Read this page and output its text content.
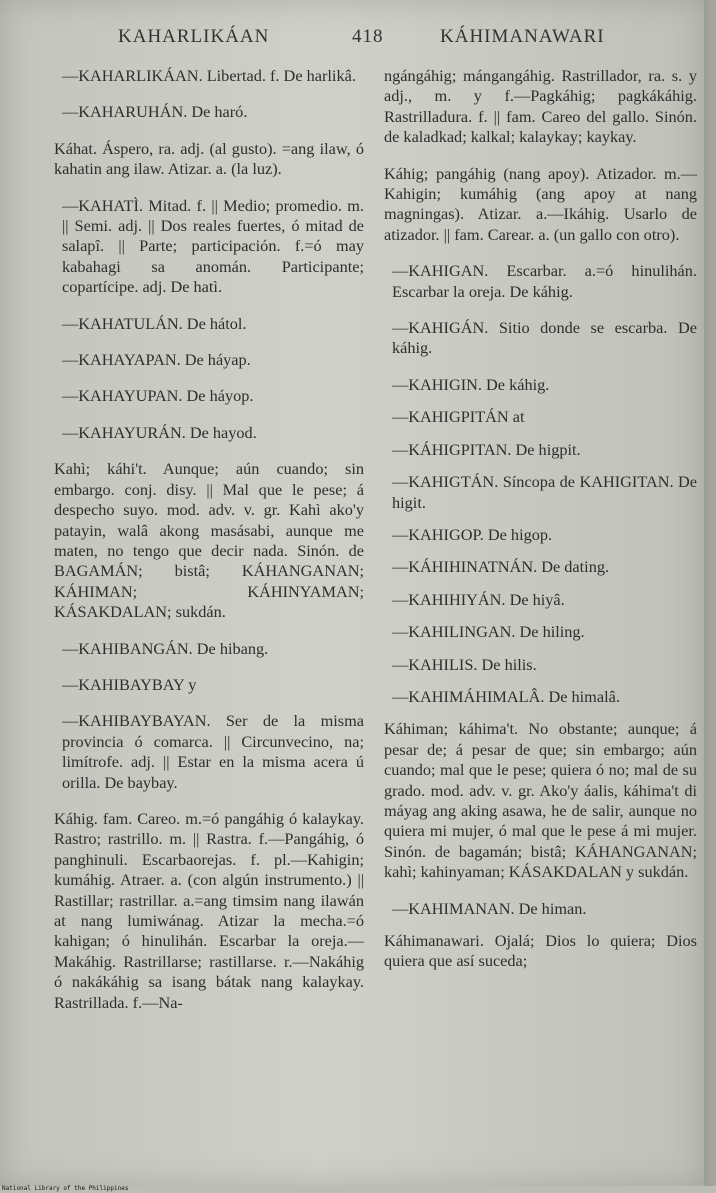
KAHARLIKÁAN	418	KÁHIMANAWARI

—KAHARLIKÁAN. Libertad. f. De harlikâ.

—KAHARUHÁN. De haró.

Káhat. Áspero, ra. adj. (al gusto). =ang ilaw, ó kahatin ang ilaw. Atizar. a. (la luz).

—KAHATÌ. Mitad. f. || Medio; promedio. m. || Semi. adj. || Dos reales fuertes, ó mitad de salapî. || Parte; participación. f.=ó may kabahagi sa anomán. Participante; copartícipe. adj. De hatì.

—KAHATULÁN. De hátol.

—KAHAYAPAN. De háyap.

—KAHAYUPAN. De háyop.

—KAHAYURÁN. De hayod.

Kahì; káhi't. Aunque; aún cuando; sin embargo. conj. disy. || Mal que le pese; á despecho suyo. mod. adv. v. gr. Kahì ako'y patayin, walâ akong masásabi, aunque me maten, no tengo que decir nada. Sinón. de BAGAMÁN; bistâ; KÁHANGANAN; KÁHIMAN; KÁHINYAMAN; KÁSAKDALAN; sukdán.

—KAHIBANGÁN. De hibang.

—KAHIBAYBAY y

—KAHIBAYBAYAN. Ser de la misma provincia ó comarca. || Circunvecino, na; limítrofe. adj. || Estar en la misma acera ú orilla. De baybay.

Káhig. fam. Careo. m.=ó pangáhig ó kalaykay. Rastro; rastrillo. m. || Rastra. f.—Pangáhig, ó panghinuli. Escarbaorejas. f. pl.—Kahigin; kumáhig. Atraer. a. (con algún instrumento.) || Rastillar; rastrillar. a.=ang timsim nang ilawán at nang lumiwánag. Atizar la mecha.=ó kahigan; ó hinulihán. Escarbar la oreja.—Makáhig. Rastrillarse; rastillarse. r.—Nakáhig ó nakákáhig sa isang bátak nang kalaykay. Rastrillada. f.—Na-

ngángáhig; mángangáhig. Rastrillador, ra. s. y adj., m. y f.—Pagkáhig; pagkákáhig. Rastrilladura. f. || fam. Careo del gallo. Sinón. de kaladkad; kalkal; kalaykay; kaykay.

Káhig; pangáhig (nang apoy). Atizador. m.—Kahigin; kumáhig (ang apoy at nang magningas). Atizar. a.—Ikáhig. Usarlo de atizador. || fam. Carear. a. (un gallo con otro).

—KAHIGAN. Escarbar. a.=ó hinulihán. Escarbar la oreja. De káhig.

—KAHIGÁN. Sitio donde se escarba. De káhig.

—KAHIGIN. De káhig.

—KAHIGPITÁN at

—KÁHIGPITAN. De higpit.

—KAHIGTÁN. Síncopa de KAHIGITAN. De higit.

—KAHIGOP. De higop.

—KÁHIHINATNÁN. De dating.

—KAHIHIYÁN. De hiyâ.

—KAHILINGAN. De hiling.

—KAHILIS. De hilis.

—KAHIMÁHIMALÂ. De himalâ.

Káhiman; káhima't. No obstante; aunque; á pesar de; á pesar de que; sin embargo; aún cuando; mal que le pese; quiera ó no; mal de su grado. mod. adv. v. gr. Ako'y áalis, káhima't di máyag ang aking asawa, he de salir, aunque no quiera mi mujer, ó mal que le pese á mi mujer. Sinón. de bagamán; bistâ; KÁHANGANAN; kahì; kahinyaman; KÁSAKDALAN y sukdán.

—KAHIMANAN. De himan.

Káhimanawari. Ojalá; Dios lo quiera; Dios quiera que así suceda;

National Library of the Philippines
